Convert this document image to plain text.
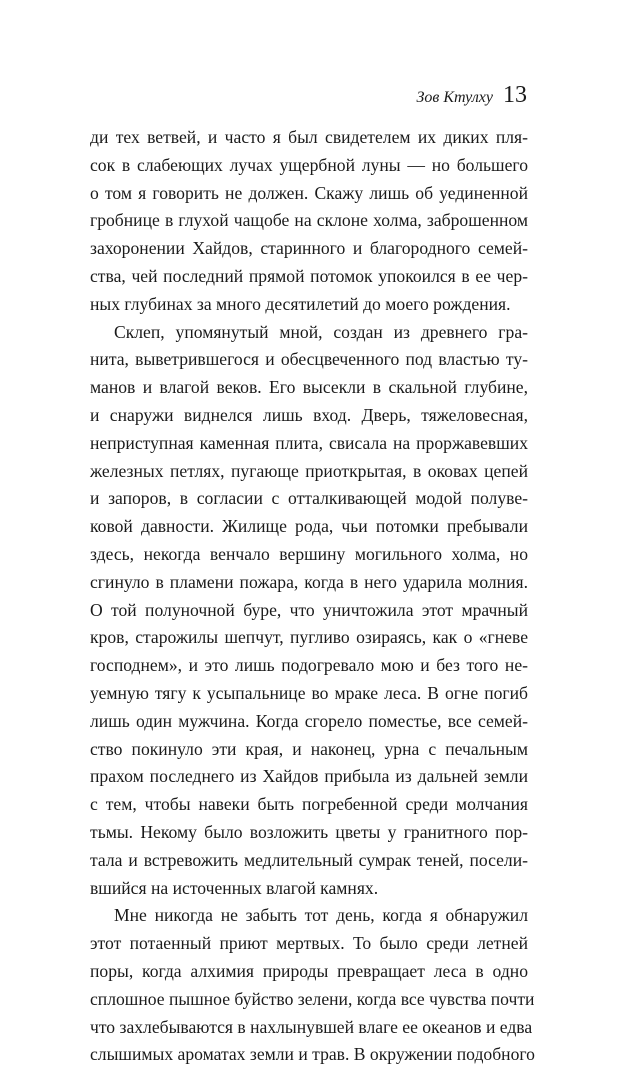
Зов Ктулху 13
ди тех ветвей, и часто я был свидетелем их диких пля-
сок в слабеющих лучах ущербной луны — но большего
о том я говорить не должен. Скажу лишь об уединенной
гробнице в глухой чащобе на склоне холма, заброшенном
захоронении Хайдов, старинного и благородного семей-
ства, чей последний прямой потомок упокоился в ее чер-
ных глубинах за много десятилетий до моего рождения.
Склеп, упомянутый мной, создан из древнего гра-
нита, выветрившегося и обесцвеченного под властью ту-
манов и влагой веков. Его высекли в скальной глубине,
и снаружи виднелся лишь вход. Дверь, тяжеловесная,
неприступная каменная плита, свисала на проржавевших
железных петлях, пугающе приоткрытая, в оковах цепей
и запоров, в согласии с отталкивающей модой полуве-
ковой давности. Жилище рода, чьи потомки пребывали
здесь, некогда венчало вершину могильного холма, но
сгинуло в пламени пожара, когда в него ударила молния.
О той полуночной буре, что уничтожила этот мрачный
кров, старожилы шепчут, пугливо озираясь, как о «гневе
господнем», и это лишь подогревало мою и без того не-
уемную тягу к усыпальнице во мраке леса. В огне погиб
лишь один мужчина. Когда сгорело поместье, все семей-
ство покинуло эти края, и наконец, урна с печальным
прахом последнего из Хайдов прибыла из дальней земли
с тем, чтобы навеки быть погребенной среди молчания
тьмы. Некому было возложить цветы у гранитного пор-
тала и встревожить медлительный сумрак теней, посели-
вшийся на источенных влагой камнях.
Мне никогда не забыть тот день, когда я обнаружил
этот потаенный приют мертвых. То было среди летней
поры, когда алхимия природы превращает леса в одно
сплошное пышное буйство зелени, когда все чувства почти
что захлебываются в нахлынувшей влаге ее океанов и едва
слышимых ароматах земли и трав. В окружении подобного
